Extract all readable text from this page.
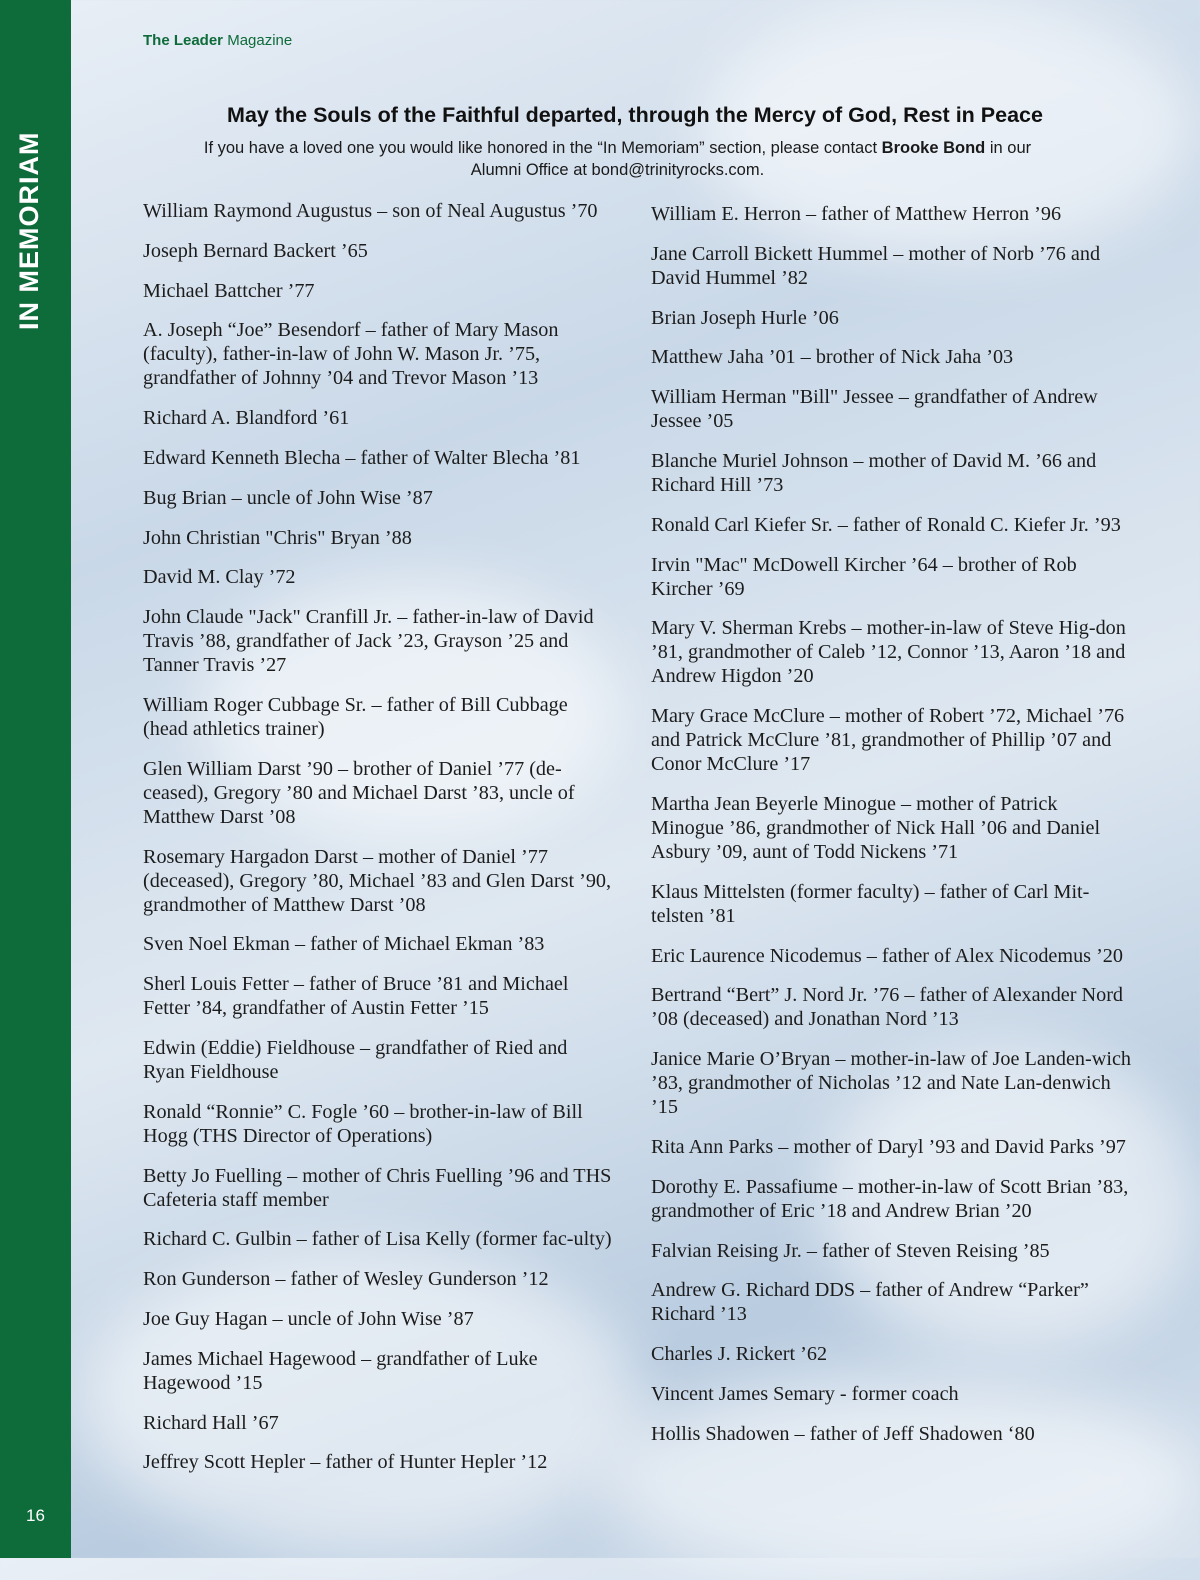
IN MEMORIAM
16
The Leader Magazine
May the Souls of the Faithful departed, through the Mercy of God, Rest in Peace
If you have a loved one you would like honored in the “In Memoriam” section, please contact Brooke Bond in our Alumni Office at bond@trinityrocks.com.

William Raymond Augustus – son of Neal Augustus ’70

Joseph Bernard Backert ’65

Michael Battcher ’77

A. Joseph “Joe” Besendorf – father of Mary Mason (faculty), father-in-law of John W. Mason Jr. ’75, grandfather of Johnny ’04 and Trevor Mason ’13

Richard A. Blandford ’61

Edward Kenneth Blecha – father of Walter Blecha ’81

Bug Brian – uncle of John Wise ’87

John Christian "Chris" Bryan ’88

David M. Clay ’72

John Claude "Jack" Cranfill Jr. – father-in-law of David Travis ’88, grandfather of Jack ’23, Grayson ’25 and Tanner Travis ’27

William Roger Cubbage Sr. – father of Bill Cubbage (head athletics trainer)

Glen William Darst ’90 – brother of Daniel ’77 (de-ceased), Gregory ’80 and Michael Darst ’83, uncle of Matthew Darst ’08

Rosemary Hargadon Darst – mother of Daniel ’77 (deceased), Gregory ’80, Michael ’83 and Glen Darst ’90, grandmother of Matthew Darst ’08

Sven Noel Ekman – father of Michael Ekman ’83

Sherl Louis Fetter – father of Bruce ’81 and Michael Fetter ’84, grandfather of Austin Fetter ’15

Edwin (Eddie) Fieldhouse – grandfather of Ried and Ryan Fieldhouse

Ronald “Ronnie” C. Fogle ’60 – brother-in-law of Bill Hogg (THS Director of Operations)

Betty Jo Fuelling – mother of Chris Fuelling ’96 and THS Cafeteria staff member

Richard C. Gulbin – father of Lisa Kelly (former fac-ulty)

Ron Gunderson – father of Wesley Gunderson ’12

Joe Guy Hagan – uncle of John Wise ’87

James Michael Hagewood – grandfather of Luke Hagewood ’15

Richard Hall ’67

Jeffrey Scott Hepler – father of Hunter Hepler ’12

William E. Herron – father of Matthew Herron ’96

Jane Carroll Bickett Hummel – mother of Norb ’76 and David Hummel ’82

Brian Joseph Hurle ’06

Matthew Jaha ’01 – brother of Nick Jaha ’03

William Herman "Bill" Jessee – grandfather of Andrew Jessee ’05

Blanche Muriel Johnson – mother of David M. ’66 and Richard Hill ’73

Ronald Carl Kiefer Sr. – father of Ronald C. Kiefer Jr. ’93

Irvin "Mac" McDowell Kircher ’64 – brother of Rob Kircher ’69

Mary V. Sherman Krebs – mother-in-law of Steve Hig-don ’81, grandmother of Caleb ’12, Connor ’13, Aaron ’18 and Andrew Higdon ’20

Mary Grace McClure – mother of Robert ’72, Michael ’76 and Patrick McClure ’81, grandmother of Phillip ’07 and Conor McClure ’17

Martha Jean Beyerle Minogue – mother of Patrick Minogue ’86, grandmother of Nick Hall ’06 and Daniel Asbury ’09, aunt of Todd Nickens ’71

Klaus Mittelsten (former faculty) – father of Carl Mit-telsten ’81

Eric Laurence Nicodemus – father of Alex Nicodemus ’20

Bertrand “Bert” J. Nord Jr. ’76 – father of Alexander Nord ’08 (deceased) and Jonathan Nord ’13

Janice Marie O’Bryan – mother-in-law of Joe Landen-wich ’83, grandmother of Nicholas ’12 and Nate Lan-denwich ’15

Rita Ann Parks – mother of Daryl ’93 and David Parks ’97

Dorothy E. Passafiume – mother-in-law of Scott Brian ’83, grandmother of Eric ’18 and Andrew Brian ’20

Falvian Reising Jr. – father of Steven Reising ’85

Andrew G. Richard DDS – father of Andrew “Parker” Richard ’13

Charles J. Rickert ’62

Vincent James Semary - former coach

Hollis Shadowen – father of Jeff Shadowen ‘80
